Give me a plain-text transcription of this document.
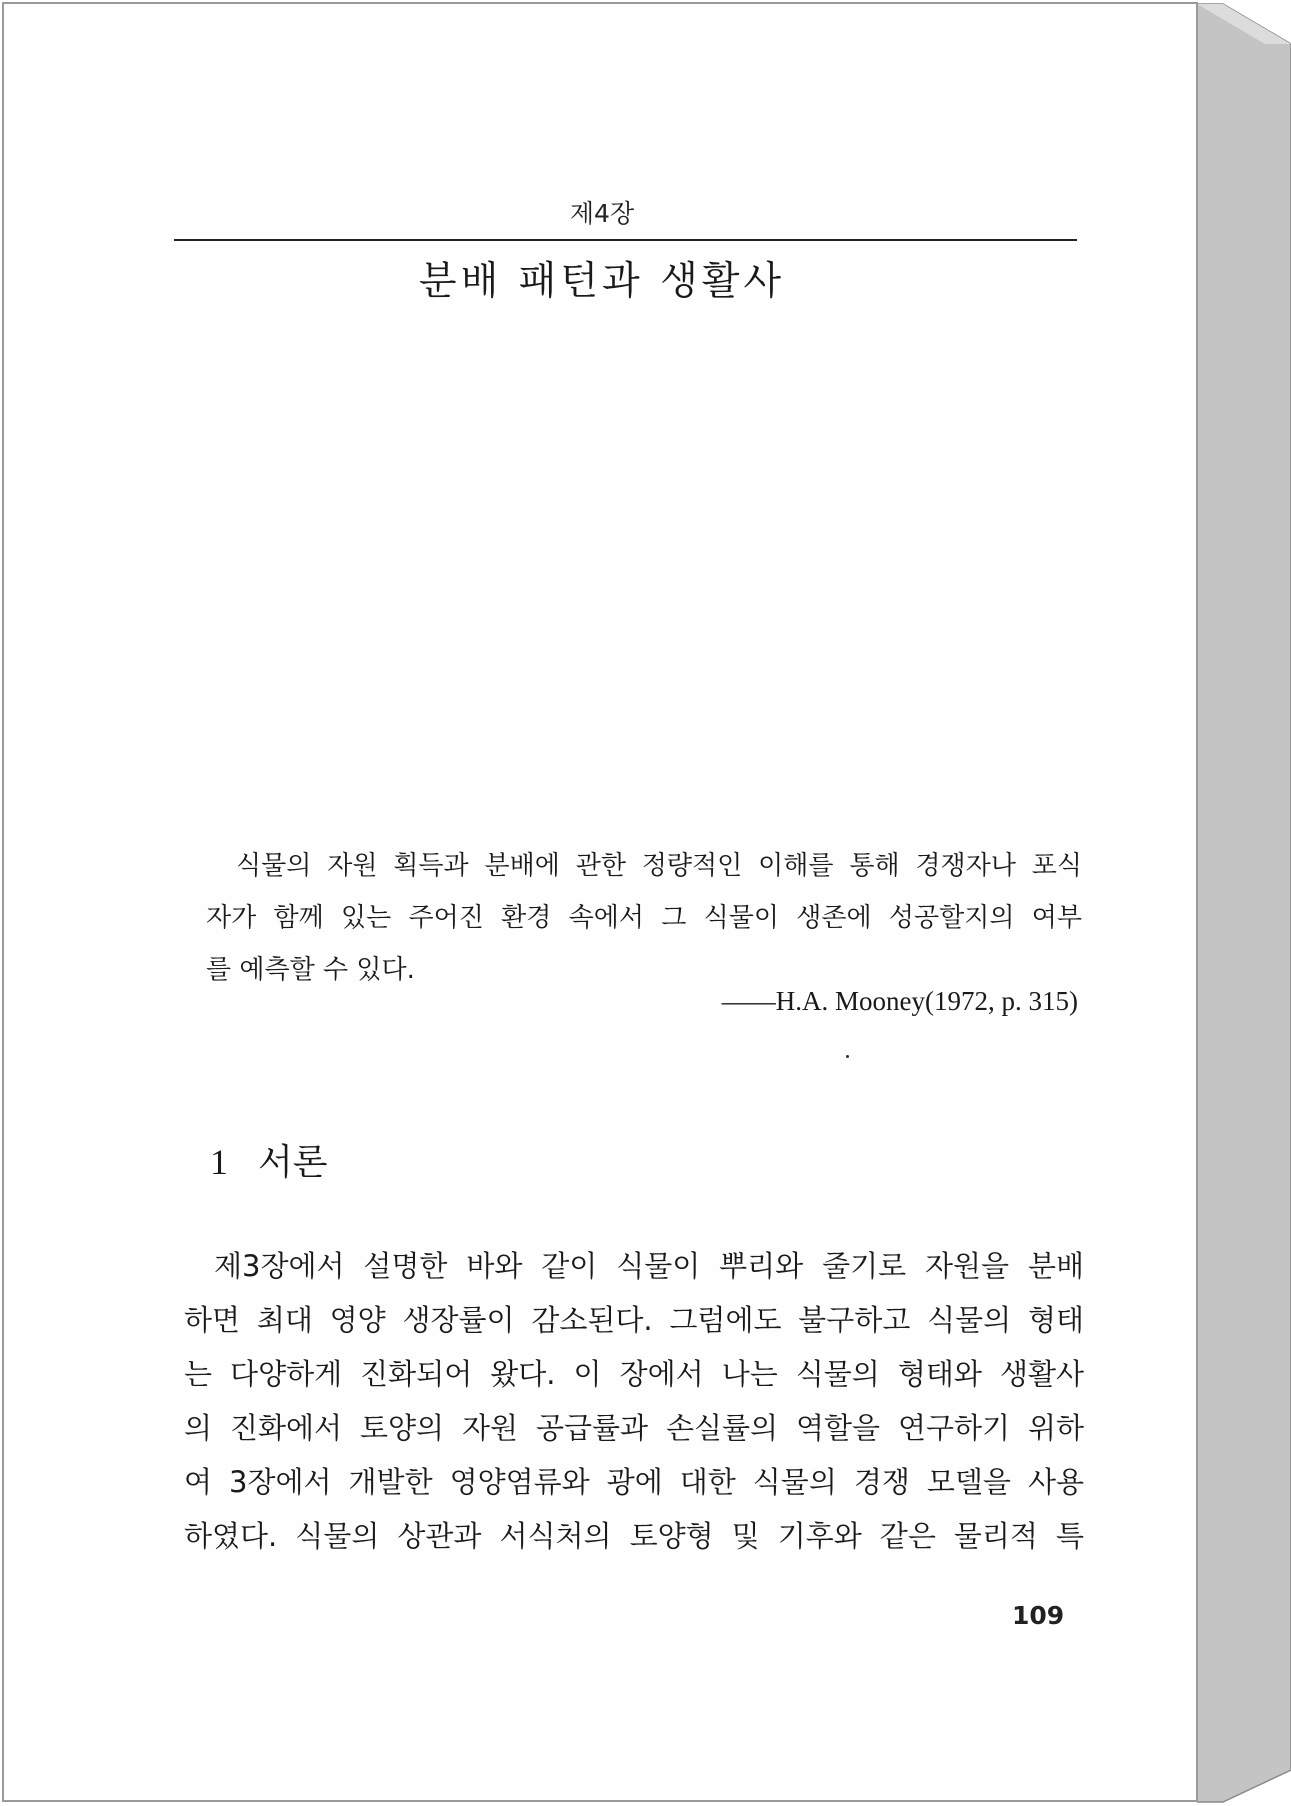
제4장
분배 패턴과 생활사
식물의 자원 획득과 분배에 관한 정량적인 이해를 통해 경쟁자나 포식
자가 함께 있는 주어진 환경 속에서 그 식물이 생존에 성공할지의 여부
를 예측할 수 있다.
——H.A. Mooney(1972, p. 315)
1 서론
제3장에서 설명한 바와 같이 식물이 뿌리와 줄기로 자원을 분배
하면 최대 영양 생장률이 감소된다. 그럼에도 불구하고 식물의 형태
는 다양하게 진화되어 왔다. 이 장에서 나는 식물의 형태와 생활사
의 진화에서 토양의 자원 공급률과 손실률의 역할을 연구하기 위하
여 3장에서 개발한 영양염류와 광에 대한 식물의 경쟁 모델을 사용
하였다. 식물의 상관과 서식처의 토양형 및 기후와 같은 물리적 특
109
